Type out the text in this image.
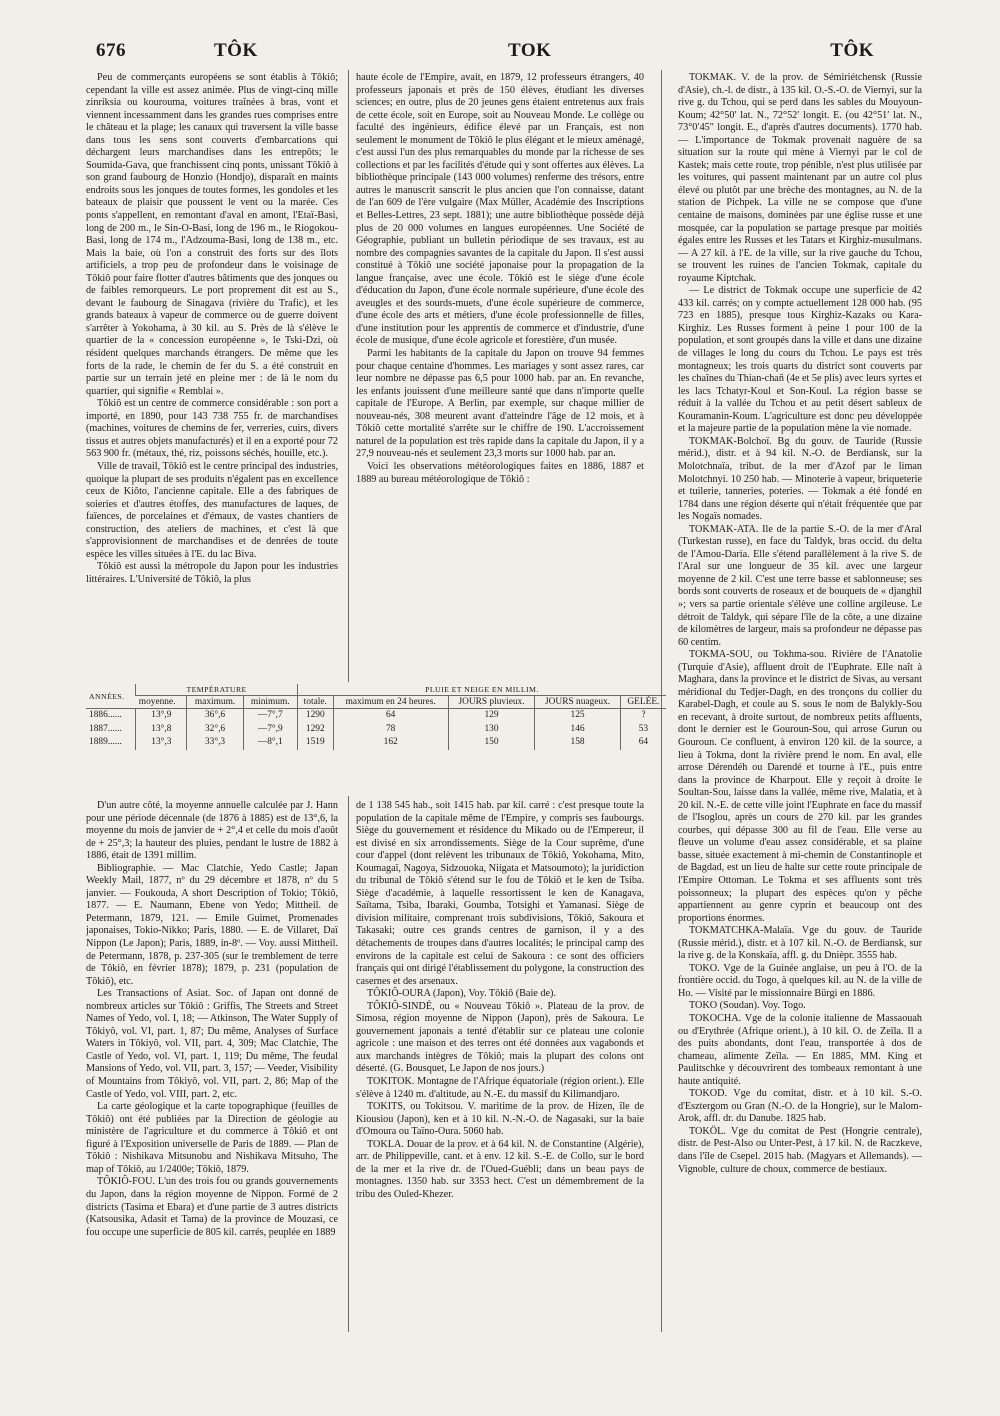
676	TÔK	TOK	TÔK

Peu de commerçants européens se sont établis à Tôkiô; cependant la ville est assez animée. Plus de vingt-cinq mille zinriksia ou kourouma, voitures traînées à bras, vont et viennent incessamment dans les grandes rues comprises entre le château et la plage; les canaux qui traversent la ville basse dans tous les sens sont couverts d'embarcations qui déchargent leurs marchandises dans les entrepôts; le Soumida-Gava, que franchissent cinq ponts, unissant Tôkiô à son grand faubourg de Honzio (Hondjo), disparaît en maints endroits sous les jonques de toutes formes, les gondoles et les bateaux de plaisir que poussent le vent ou la marée. Ces ponts s'appellent, en remontant d'aval en amont, l'Etaï-Basi, long de 200 m., le Sin-O-Basi, long de 196 m., le Riogokou-Basi, long de 174 m., l'Adzouma-Basi, long de 138 m., etc. Mais la baie, où l'on a construit des forts sur des îlots artificiels, a trop peu de profondeur dans le voisinage de Tôkiô pour faire flotter d'autres bâtiments que des jonques ou de faibles remorqueurs. Le port proprement dit est au S., devant le faubourg de Sinagava (rivière du Trafic), et les grands bateaux à vapeur de commerce ou de guerre doivent s'arrêter à Yokohama, à 30 kil. au S. Près de là s'élève le quartier de la « concession européenne », le Tski-Dzi, où résident quelques marchands étrangers. De même que les forts de la rade, le chemin de fer du S. a été construit en partie sur un terrain jeté en pleine mer : de là le nom du quartier, qui signifie « Remblai ».

Tôkiô est un centre de commerce considérable : son port a importé, en 1890, pour 143 738 755 fr. de marchandises (machines, voitures de chemins de fer, verreries, cuirs, divers tissus et autres objets manufacturés) et il en a exporté pour 72 563 900 fr. (métaux, thé, riz, poissons séchés, houille, etc.).

Ville de travail, Tôkiô est le centre principal des industries, quoique la plupart de ses produits n'égalent pas en excellence ceux de Kiôto, l'ancienne capitale. Elle a des fabriques de soieries et d'autres étoffes, des manufactures de laques, de faïences, de porcelaines et d'émaux, de vastes chantiers de construction, des ateliers de machines, et c'est là que s'approvisionnent de marchandises et de denrées de toute espèce les villes situées à l'E. du lac Biva.

Tôkiô est aussi la métropole du Japon pour les industries littéraires. L'Université de Tôkiô, la plus

haute école de l'Empire, avait, en 1879, 12 professeurs étrangers, 40 professeurs japonais et près de 150 élèves, étudiant les diverses sciences; en outre, plus de 20 jeunes gens étaient entretenus aux frais de cette école, soit en Europe, soit au Nouveau Monde. Le collège ou faculté des ingénieurs, édifice élevé par un Français, est non seulement le monument de Tôkiô le plus élégant et le mieux aménagé, c'est aussi l'un des plus remarquables du monde par la richesse de ses collections et par les facilités d'étude qui y sont offertes aux élèves. La bibliothèque principale (143 000 volumes) renferme des trésors, entre autres le manuscrit sanscrit le plus ancien que l'on connaisse, datant de l'an 609 de l'ère vulgaire (Max Müller, Académie des Inscriptions et Belles-Lettres, 23 sept. 1881); une autre bibliothèque possède déjà plus de 20 000 volumes en langues européennes. Une Société de Géographie, publiant un bulletin périodique de ses travaux, est au nombre des compagnies savantes de la capitale du Japon. Il s'est aussi constitué à Tôkiô une société japonaise pour la propagation de la langue française, avec une école. Tôkiô est le siège d'une école d'éducation du Japon, d'une école normale supérieure, d'une école des aveugles et des sourds-muets, d'une école supérieure de commerce, d'une école des arts et métiers, d'une école professionnelle de filles, d'une institution pour les apprentis de commerce et d'industrie, d'une école de musique, d'une école agricole et forestière, d'un musée.

Parmi les habitants de la capitale du Japon on trouve 94 femmes pour chaque centaine d'hommes. Les mariages y sont assez rares, car leur nombre ne dépasse pas 6,5 pour 1000 hab. par an. En revanche, les enfants jouissent d'une meilleure santé que dans n'importe quelle capitale de l'Europe. A Berlin, par exemple, sur chaque millier de nouveau-nés, 308 meurent avant d'atteindre l'âge de 12 mois, et à Tôkiô cette mortalité s'arrête sur le chiffre de 190. L'accroissement naturel de la population est très rapide dans la capitale du Japon, il y a 27,9 nouveau-nés et seulement 23,3 morts sur 1000 hab. par an.

Voici les observations météorologiques faites en 1886, 1887 et 1889 au bureau météorologique de Tôkiô :

ANNÉES.	TEMPÉRATURE			PLUIE ET NEIGE EN MILLIM.				
	moyenne.	maximum.	minimum.	totale.	maximum en 24 heures.	JOURS pluvieux.	JOURS nuageux.	GELÉE.
1886......	13°,9	36°,6	—7°,7	1290	64	129	125	?
1887......	13°,8	32°,6	—7°,9	1292	78	130	146	53
1889......	13°,3	33°,3	—8°,1	1519	162	150	158	64

D'un autre côté, la moyenne annuelle calculée par J. Hann pour une période décennale (de 1876 à 1885) est de 13°,6, la moyenne du mois de janvier de + 2°,4 et celle du mois d'août de + 25°,3; la hauteur des pluies, pendant le lustre de 1882 à 1886, était de 1391 millim.

Bibliographie. — Mac Clatchie, Yedo Castle; Japan Weekly Mail, 1877, nº du 29 décembre et 1878, nº du 5 janvier. — Foukouda, A short Description of Tokio; Tôkiô, 1877. — E. Naumann, Ebene von Yedo; Mittheil. de Petermann, 1879, 121. — Emile Guimet, Promenades japonaises, Tokio-Nikko; Paris, 1880. — E. de Villaret, Daï Nippon (Le Japon); Paris, 1889, in-8º. — Voy. aussi Mittheil. de Petermann, 1878, p. 237-305 (sur le tremblement de terre de Tôkiô, en février 1878); 1879, p. 231 (population de Tôkiô), etc.

Les Transactions of Asiat. Soc. of Japan ont donné de nombreux articles sur Tôkiô : Griffis, The Streets and Street Names of Yedo, vol. I, 18; — Atkinson, The Water Supply of Tôkiyô, vol. VI, part. 1, 87; Du même, Analyses of Surface Waters in Tôkiyô, vol. VII, part. 4, 309; Mac Clatchie, The Castle of Yedo, vol. VI, part. 1, 119; Du même, The feudal Mansions of Yedo, vol. VII, part. 3, 157; — Veeder, Visibility of Mountains from Tôkiyô, vol. VII, part. 2, 86; Map of the Castle of Yedo, vol. VIII, part. 2, etc.

La carte géologique et la carte topographique (feuilles de Tôkiô) ont été publiées par la Direction de géologie au ministère de l'agriculture et du commerce à Tôkiô et ont figuré à l'Exposition universelle de Paris de 1889. — Plan de Tôkiô : Nishikava Mitsunobu and Nishikava Mitsuho, The map of Tôkiô, au 1/2400e; Tôkiô, 1879.

TÔKIÔ-FOU. L'un des trois fou ou grands gouvernements du Japon, dans la région moyenne de Nippon. Formé de 2 districts (Tasima et Ebara) et d'une partie de 3 autres districts (Katsousika, Adasit et Tama) de la province de Mouzasi, ce fou occupe une superficie de 805 kil. carrés, peuplée en 1889

de 1 138 545 hab., soit 1415 hab. par kil. carré : c'est presque toute la population de la capitale même de l'Empire, y compris ses faubourgs. Siège du gouvernement et résidence du Mikado ou de l'Empereur, il est divisé en six arrondissements. Siège de la Cour suprême, d'une cour d'appel (dont relèvent les tribunaux de Tôkiô, Yokohama, Mito, Koumagaï, Nagoya, Sidzouoka, Niigata et Matsoumoto); la juridiction du tribunal de Tôkiô s'étend sur le fou de Tôkiô et le ken de Tsiba. Siège d'académie, à laquelle ressortissent le ken de Kanagava, Saïtama, Tsiba, Ibaraki, Goumba, Totsighi et Yamanasi. Siège de division militaire, comprenant trois subdivisions, Tôkiô, Sakoura et Takasaki; outre ces grands centres de garnison, il y a des détachements de troupes dans d'autres localités; le principal camp des environs de la capitale est celui de Sakoura : ce sont des officiers français qui ont dirigé l'établissement du polygone, la construction des casernes et des arsenaux.

TÔKIÔ-OURA (Japon), Voy. Tôkiô (Baie de).

TÔKIÔ-SINDÉ, ou « Nouveau Tôkiô ». Plateau de la prov. de Simosa, région moyenne de Nippon (Japon), près de Sakoura. Le gouvernement japonais a tenté d'établir sur ce plateau une colonie agricole : une maison et des terres ont été données aux vagabonds et aux marchands intègres de Tôkiô; mais la plupart des colons ont déserté. (G. Bousquet, Le Japon de nos jours.)

TOKITOK. Montagne de l'Afrique équatoriale (région orient.). Elle s'élève à 1240 m. d'altitude, au N.-E. du massif du Kilimandjaro.

TOKITS, ou Tokitsou. V. maritime de la prov. de Hizen, île de Kiousiou (Japon), ken et à 10 kil. N.-N.-O. de Nagasaki, sur la baie d'Omoura ou Taïno-Oura. 5060 hab.

TOKLA. Douar de la prov. et à 64 kil. N. de Constantine (Algérie), arr. de Philippeville, cant. et à env. 12 kil. S.-E. de Collo, sur le bord de la mer et la rive dr. de l'Oued-Guébli; dans un beau pays de montagnes. 1350 hab. sur 3353 hect. C'est un démembrement de la tribu des Ouled-Khezer.

TOKMAK. V. de la prov. de Sémiriétchensk (Russie d'Asie), ch.-l. de distr., à 135 kil. O.-S.-O. de Viernyi, sur la rive g. du Tchou, qui se perd dans les sables du Mouyoun-Koum; 42°50′ lat. N., 72°52′ longit. E. (ou 42°51′ lat. N., 73°0′45″ longit. E., d'après d'autres documents). 1770 hab. — L'importance de Tokmak provenait naguère de sa situation sur la route qui mène à Viernyi par le col de Kastek; mais cette route, trop pénible, n'est plus utilisée par les voitures, qui passent maintenant par un autre col plus élevé ou plutôt par une brèche des montagnes, au N. de la station de Pichpek. La ville ne se compose que d'une centaine de maisons, dominées par une église russe et une mosquée, car la population se partage presque par moitiés égales entre les Russes et les Tatars et Kirghiz-musulmans. — A 27 kil. à l'E. de la ville, sur la rive gauche du Tchou, se trouvent les ruines de l'ancien Tokmak, capitale du royaume Kiptchak.

— Le district de Tokmak occupe une superficie de 42 433 kil. carrés; on y compte actuellement 128 000 hab. (95 723 en 1885), presque tous Kirghiz-Kazaks ou Kara-Kirghiz. Les Russes forment à peine 1 pour 100 de la population, et sont groupés dans la ville et dans une dizaine de villages le long du cours du Tchou. Le pays est très montagneux; les trois quarts du district sont couverts par les chaînes du Thian-chañ (4e et 5e plis) avec leurs syrtes et les lacs Tchatyr-Koul et Son-Koul. La région basse se réduit à la vallée du Tchou et au petit désert sableux de Kouramanin-Koum. L'agriculture est donc peu développée et la majeure partie de la population mène la vie nomade.

TOKMAK-Bolchoï. Bg du gouv. de Tauride (Russie mérid.), distr. et à 94 kil. N.-O. de Berdiansk, sur la Molotchnaïa, tribut. de la mer d'Azof par le liman Molotchnyi. 10 250 hab. — Minoterie à vapeur, briqueterie et tuilerie, tanneries, poteries. — Tokmak a été fondé en 1784 dans une région déserte qui n'était fréquentée que par les Nogaïs nomades.

TOKMAK-ATA. Ile de la partie S.-O. de la mer d'Aral (Turkestan russe), en face du Taldyk, bras occid. du delta de l'Amou-Daria. Elle s'étend parallèlement à la rive S. de l'Aral sur une longueur de 35 kil. avec une largeur moyenne de 2 kil. C'est une terre basse et sablonneuse; ses bords sont couverts de roseaux et de bouquets de « djanghil »; vers sa partie orientale s'élève une colline argileuse. Le détroit de Taldyk, qui sépare l'île de la côte, a une dizaine de kilomètres de largeur, mais sa profondeur ne dépasse pas 60 centim.

TOKMA-SOU, ou Tokhma-sou. Rivière de l'Anatolie (Turquie d'Asie), affluent droit de l'Euphrate. Elle naît à Maghara, dans la province et le district de Sivas, au versant méridional du Tedjer-Dagh, en des tronçons du collier du Karabel-Dagh, et coule au S. sous le nom de Balykly-Sou en recevant, à droite surtout, de nombreux petits affluents, dont le dernier est le Gouroun-Sou, qui arrose Gurun ou Gouroun. Ce confluent, à environ 120 kil. de la source, a lieu à Tokma, dont la rivière prend le nom. En aval, elle arrose Dérendéh ou Darendé et tourne à l'E., puis entre dans la province de Kharpout. Elle y reçoit à droite le Soultan-Sou, laisse dans la vallée, même rive, Malatia, et à 20 kil. N.-E. de cette ville joint l'Euphrate en face du massif de l'Isoglou, après un cours de 270 kil. par les grandes courbes, qui dépasse 300 au fil de l'eau. Elle verse au fleuve un volume d'eau assez considérable, et sa plaine basse, située exactement à mi-chemin de Constantinople et de Bagdad, est un lieu de halte sur cette route principale de l'Empire Ottoman. Le Tokma et ses affluents sont très poissonneux; la plupart des espèces qu'on y pêche appartiennent au genre cyprin et beaucoup ont des proportions énormes.

TOKMATCHKA-Malaïa. Vge du gouv. de Tauride (Russie mérid.), distr. et à 107 kil. N.-O. de Berdiansk, sur la rive g. de la Konskaïa, affl. g. du Dnièpr. 3555 hab.

TOKO. Vge de la Guinée anglaise, un peu à l'O. de la frontière occid. du Togo, à quelques kil. au N. de la ville de Ho. — Visité par le missionnaire Bürgi en 1886.

TOKO (Soudan). Voy. Togo.

TOKOCHA. Vge de la colonie italienne de Massaouah ou d'Erythrée (Afrique orient.), à 10 kil. O. de Zeïla. Il a des puits abondants, dont l'eau, transportée à dos de chameau, alimente Zeïla. — En 1885, MM. King et Paulitschke y découvrirent des tombeaux remontant à une haute antiquité.

TOKOD. Vge du comitat, distr. et à 10 kil. S.-O. d'Esztergom ou Gran (N.-O. de la Hongrie), sur le Malom-Arok, affl. dr. du Danube. 1825 hab.

TOKÖL. Vge du comitat de Pest (Hongrie centrale), distr. de Pest-Also ou Unter-Pest, à 17 kil. N. de Raczkeve, dans l'île de Csepel. 2015 hab. (Magyars et Allemands). — Vignoble, culture de choux, commerce de bestiaux.
